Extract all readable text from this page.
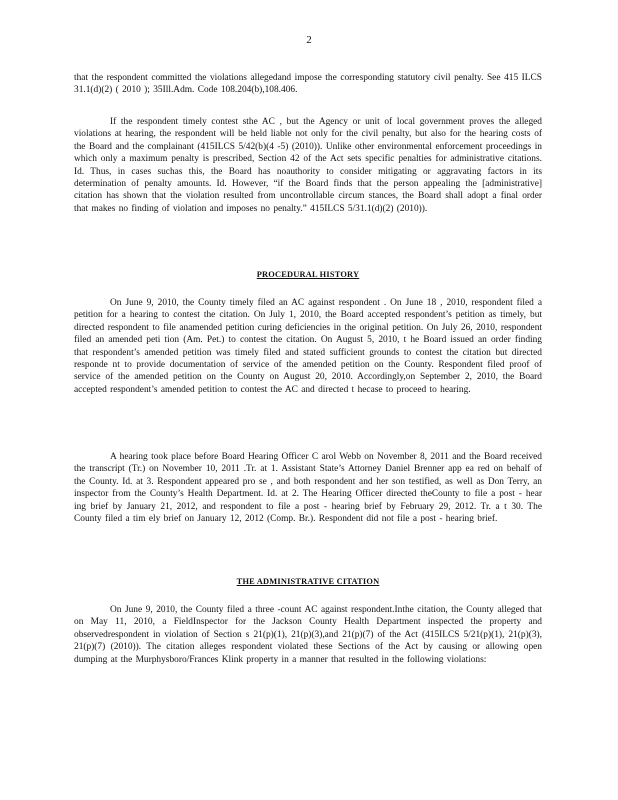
2

that the respondent committed the violations allegedand impose the corresponding statutory civil penalty. See 415 ILCS 31.1(d)(2) ( 2010 ); 35Ill.Adm. Code 108.204(b),108.406.

If the respondent timely contest sthe AC , but the Agency or unit of local government proves the alleged violations at hearing, the respondent will be held liable not only for the civil penalty, but also for the hearing costs of the Board and the complainant (415ILCS 5/42(b)(4 -5) (2010)). Unlike other environmental enforcement proceedings in which only a maximum penalty is prescribed, Section 42 of the Act sets specific penalties for administrative citations. Id. Thus, in cases suchas this, the Board has noauthority to consider mitigating or aggravating factors in its determination of penalty amounts. Id. However, “if the Board finds that the person appealing the [administrative] citation has shown that the violation resulted from uncontrollable circum stances, the Board shall adopt a final order that makes no finding of violation and imposes no penalty.” 415ILCS 5/31.1(d)(2) (2010)).

PROCEDURAL HISTORY

On June 9, 2010, the County timely filed an AC against respondent . On June 18 , 2010, respondent filed a petition for a hearing to contest the citation. On July 1, 2010, the Board accepted respondent’s petition as timely, but directed respondent to file anamended petition curing deficiencies in the original petition. On July 26, 2010, respondent filed an amended peti tion (Am. Pet.) to contest the citation. On August 5, 2010, t he Board issued an order finding that respondent’s amended petition was timely filed and stated sufficient grounds to contest the citation but directed responde nt to provide documentation of service of the amended petition on the County. Respondent filed proof of service of the amended petition on the County on August 20, 2010. Accordingly,on September 2, 2010, the Board accepted respondent’s amended petition to contest the AC and directed t hecase to proceed to hearing.

A hearing took place before Board Hearing Officer C arol Webb on November 8, 2011 and the Board received the transcript (Tr.) on November 10, 2011 .Tr. at 1. Assistant State’s Attorney Daniel Brenner app ea red on behalf of the County. Id. at 3. Respondent appeared pro se , and both respondent and her son testified, as well as Don Terry, an inspector from the County’s Health Department. Id. at 2. The Hearing Officer directed theCounty to file a post - hear ing brief by January 21, 2012, and respondent to file a post - hearing brief by February 29, 2012. Tr. a t 30. The County filed a tim ely brief on January 12, 2012 (Comp. Br.). Respondent did not file a post - hearing brief.

THE ADMINISTRATIVE CITATION

On June 9, 2010, the County filed a three -count AC against respondent.Inthe citation, the County alleged that on May 11, 2010, a FieldInspector for the Jackson County Health Department inspected the property and observedrespondent in violation of Section s 21(p)(1), 21(p)(3),and 21(p)(7) of the Act (415ILCS 5/21(p)(1), 21(p)(3), 21(p)(7) (2010)). The citation alleges respondent violated these Sections of the Act by causing or allowing open dumping at the Murphysboro/Frances Klink property in a manner that resulted in the following violations:
